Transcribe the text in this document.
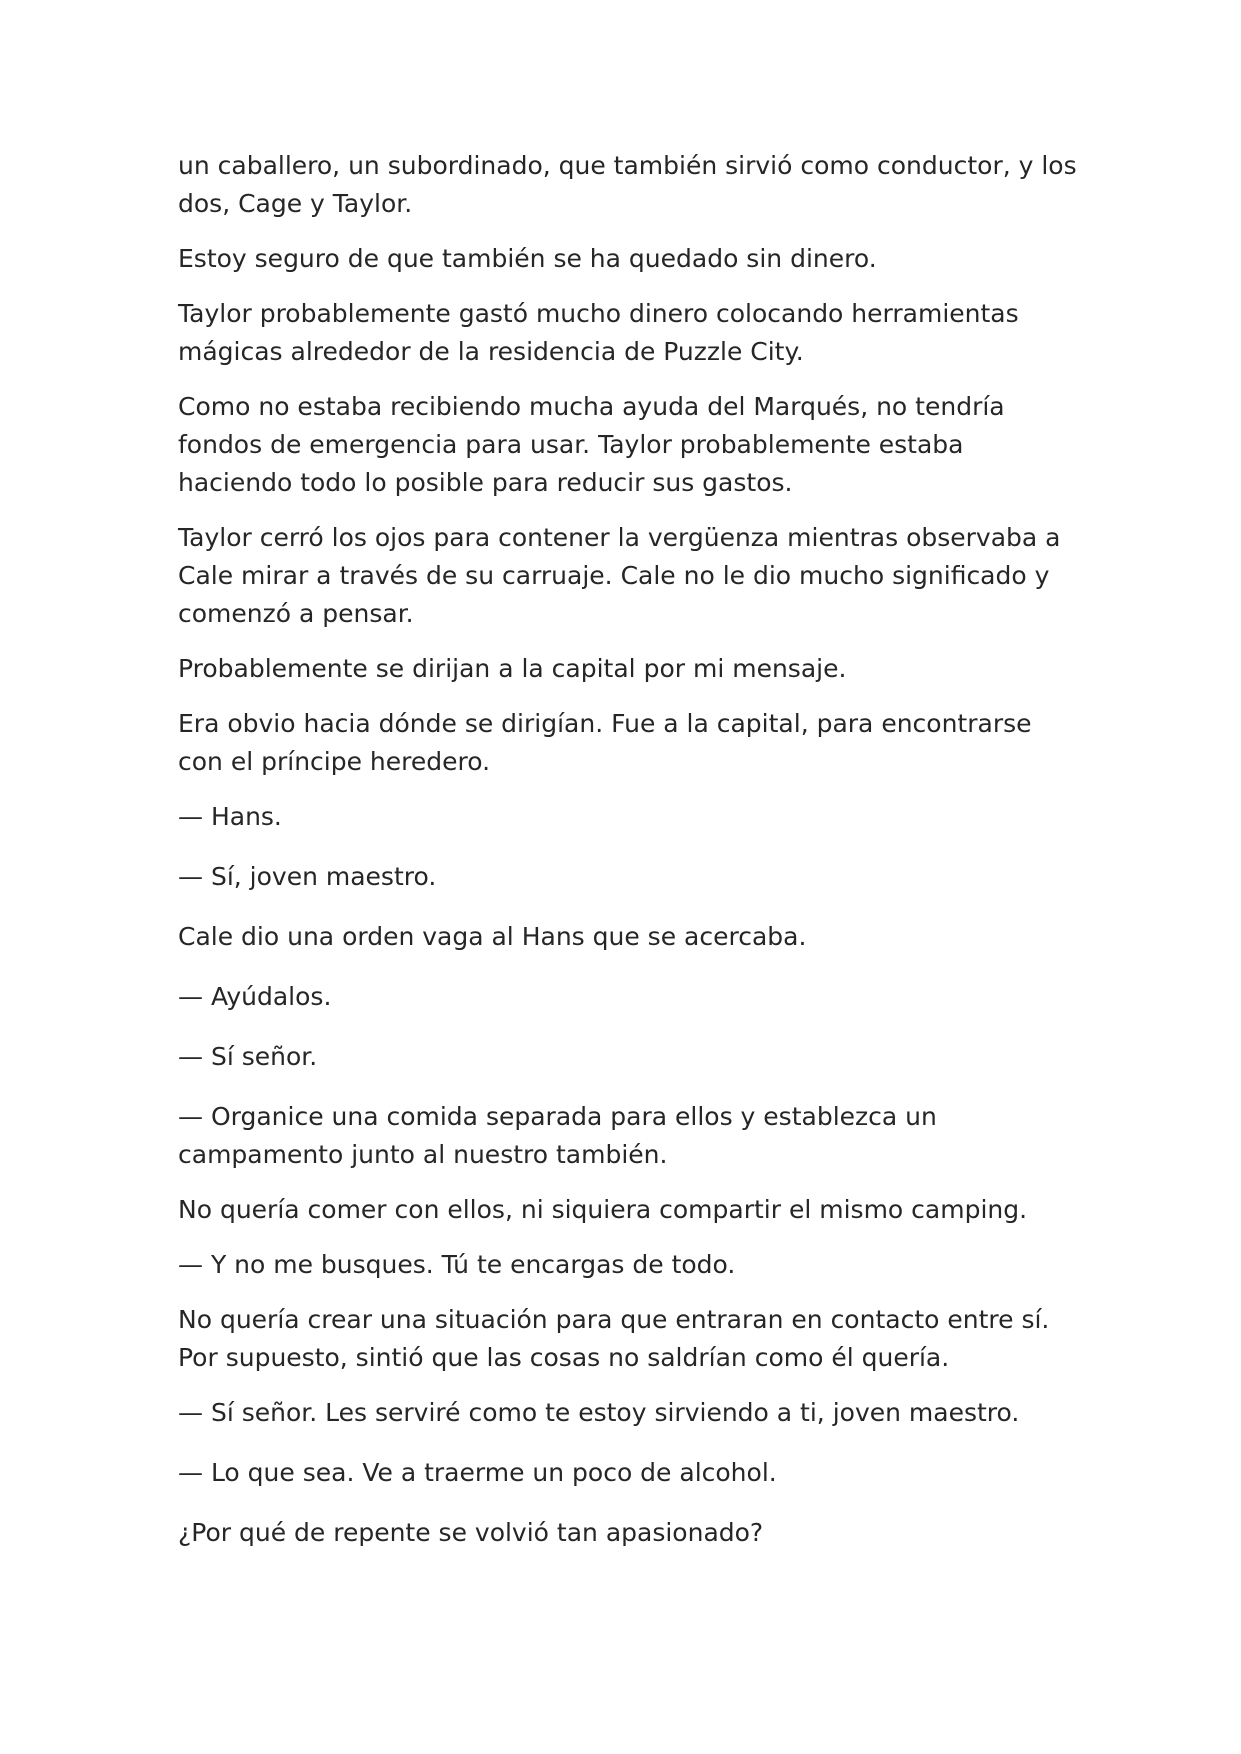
un caballero, un subordinado, que también sirvió como conductor, y los dos, Cage y Taylor.

Estoy seguro de que también se ha quedado sin dinero.

Taylor probablemente gastó mucho dinero colocando herramientas mágicas alrededor de la residencia de Puzzle City.

Como no estaba recibiendo mucha ayuda del Marqués, no tendría fondos de emergencia para usar. Taylor probablemente estaba haciendo todo lo posible para reducir sus gastos.

Taylor cerró los ojos para contener la vergüenza mientras observaba a Cale mirar a través de su carruaje. Cale no le dio mucho significado y comenzó a pensar.

Probablemente se dirijan a la capital por mi mensaje.

Era obvio hacia dónde se dirigían. Fue a la capital, para encontrarse con el príncipe heredero.

— Hans.

— Sí, joven maestro.

Cale dio una orden vaga al Hans que se acercaba.

— Ayúdalos.

— Sí señor.

— Organice una comida separada para ellos y establezca un campamento junto al nuestro también.

No quería comer con ellos, ni siquiera compartir el mismo camping.

— Y no me busques. Tú te encargas de todo.

No quería crear una situación para que entraran en contacto entre sí. Por supuesto, sintió que las cosas no saldrían como él quería.

— Sí señor. Les serviré como te estoy sirviendo a ti, joven maestro.

— Lo que sea. Ve a traerme un poco de alcohol.

¿Por qué de repente se volvió tan apasionado?
